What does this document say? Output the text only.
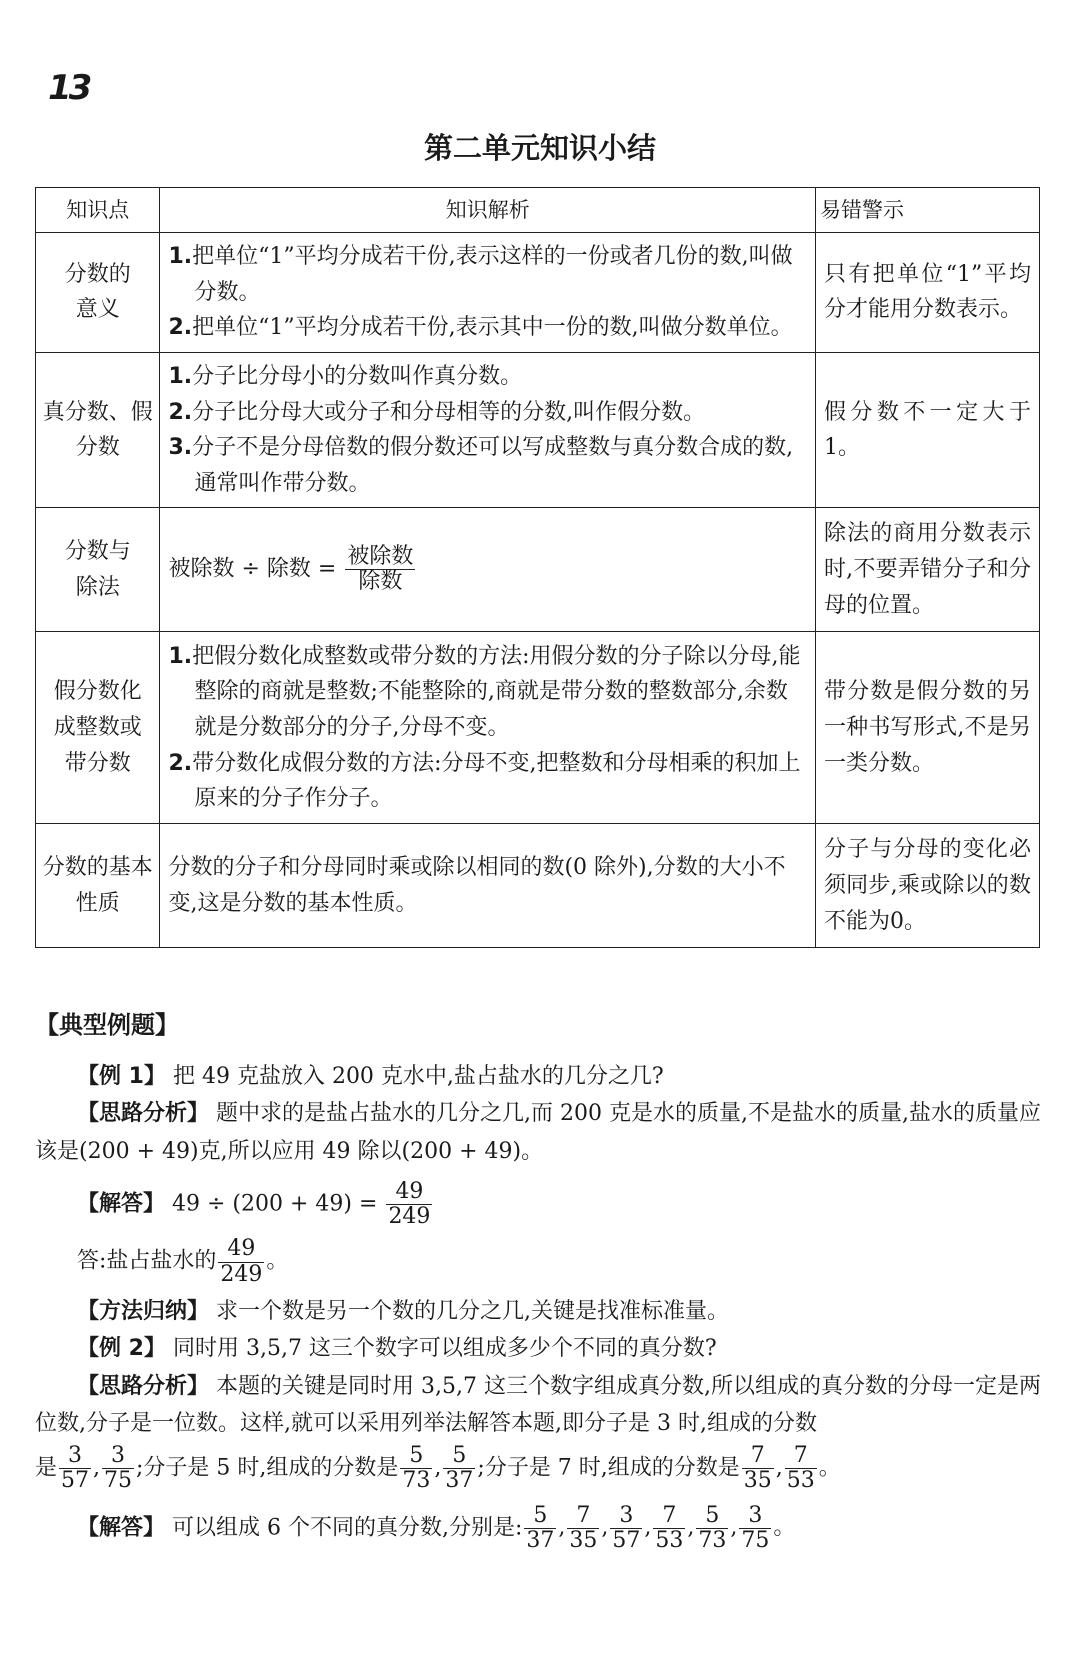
13
第二单元知识小结
知识点	知识解析	易错警示
分数的意义	1.把单位“1”平均分成若干份,表示这样的一份或者几份的数,叫做分数。
2.把单位“1”平均分成若干份,表示其中一份的数,叫做分数单位。	只有把单位“1”平均分才能用分数表示。
真分数、假分数	1.分子比分母小的分数叫作真分数。
2.分子比分母大或分子和分母相等的分数,叫作假分数。
3.分子不是分母倍数的假分数还可以写成整数与真分数合成的数,通常叫作带分数。	假分数不一定大于1。
分数与除法	被除数 ÷ 除数 = $\frac{\text{被除数}}{\text{除数}}$	除法的商用分数表示时,不要弄错分子和分母的位置。
假分数化成整数或带分数	1.把假分数化成整数或带分数的方法:用假分数的分子除以分母,能整除的商就是整数;不能整除的,商就是带分数的整数部分,余数就是分数部分的分子,分母不变。
2.带分数化成假分数的方法:分母不变,把整数和分母相乘的积加上原来的分子作分子。	带分数是假分数的另一种书写形式,不是另一类分数。
分数的基本性质	分数的分子和分母同时乘或除以相同的数(0 除外),分数的大小不变,这是分数的基本性质。	分子与分母的变化必须同步,乘或除以的数不能为0。
【典型例题】

【例 1】 把 49 克盐放入 200 克水中,盐占盐水的几分之几?

【思路分析】 题中求的是盐占盐水的几分之几,而 200 克是水的质量,不是盐水的质量,盐水的质量应该是(200 + 49)克,所以应用 49 除以(200 + 49)。

【解答】 $49 \div (200 + 49) = \frac{49}{249}$

答:盐占盐水的 $\frac{49}{249}$ 。

【方法归纳】 求一个数是另一个数的几分之几,关键是找准标准量。

【例 2】 同时用 3,5,7 这三个数字可以组成多少个不同的真分数?

【思路分析】 本题的关键是同时用 3,5,7 这三个数字组成真分数,所以组成的真分数的分母一定是两位数,分子是一位数。这样,就可以采用列举法解答本题,即分子是 3 时,组成的分数

是 $\frac{3}{57}$ , $\frac{3}{75}$ ;分子是 5 时,组成的分数是 $\frac{5}{73}$ , $\frac{5}{37}$ ;分子是 7 时,组成的分数是 $\frac{7}{35}$ , $\frac{7}{53}$ 。

【解答】 可以组成 6 个不同的真分数,分别是: $\frac{5}{37}$ , $\frac{7}{35}$ , $\frac{3}{57}$ , $\frac{7}{53}$ , $\frac{5}{73}$ , $\frac{3}{75}$ 。
